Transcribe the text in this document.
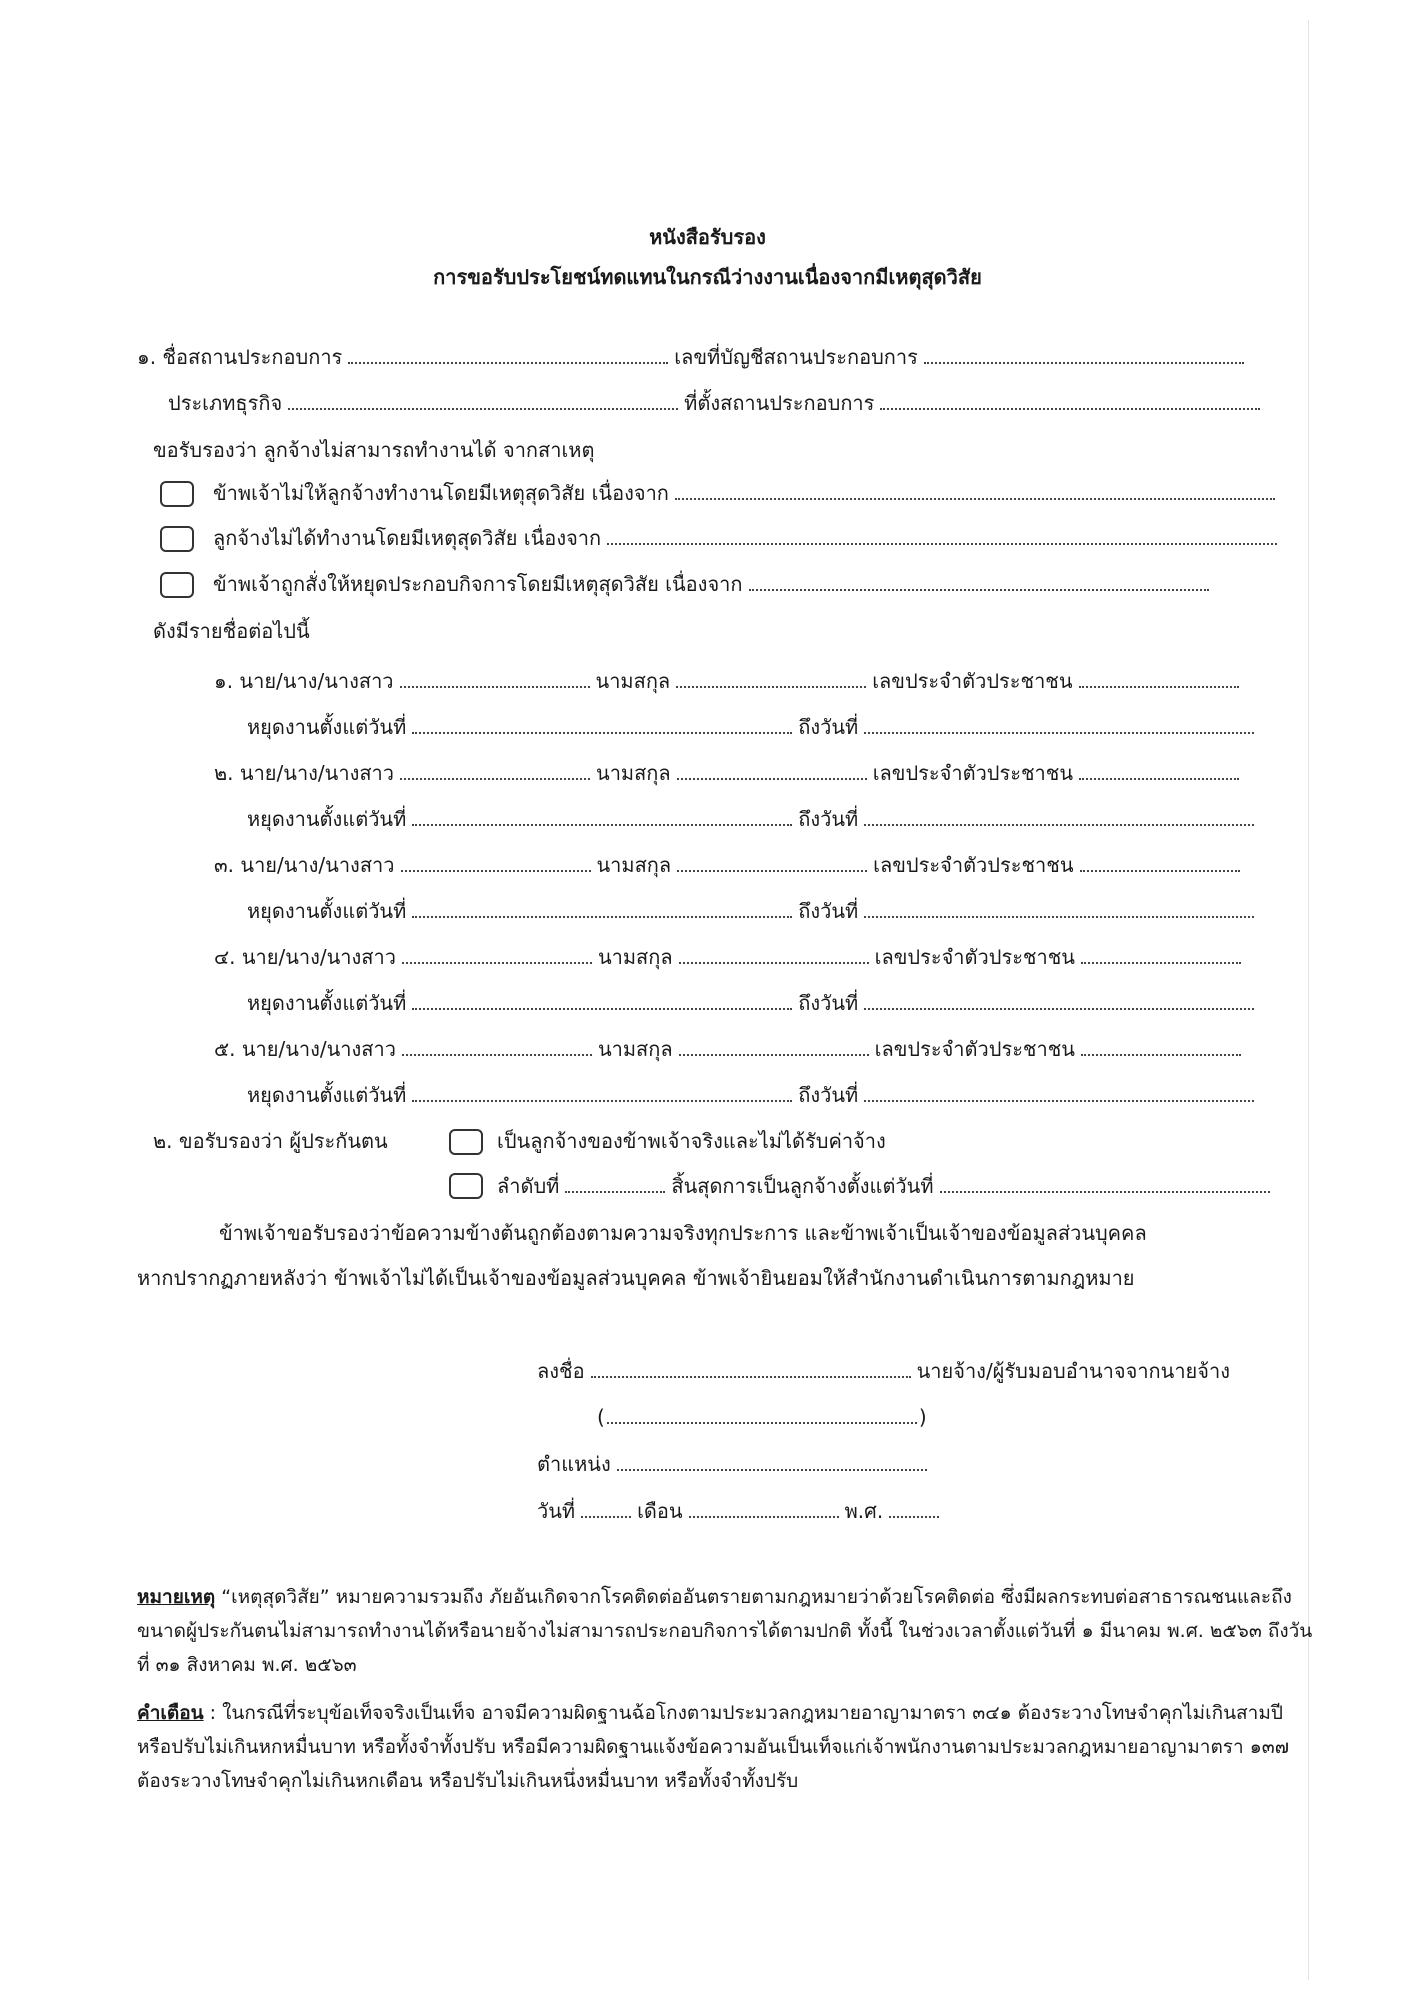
หนังสือรับรอง
การขอรับประโยชน์ทดแทนในกรณีว่างงานเนื่องจากมีเหตุสุดวิสัย
๑. ชื่อสถานประกอบการ	เลขที่บัญชีสถานประกอบการ
ประเภทธุรกิจ	ที่ตั้งสถานประกอบการ
ขอรับรองว่า ลูกจ้างไม่สามารถทำงานได้ จากสาเหตุ
ข้าพเจ้าไม่ให้ลูกจ้างทำงานโดยมีเหตุสุดวิสัย เนื่องจาก
ลูกจ้างไม่ได้ทำงานโดยมีเหตุสุดวิสัย เนื่องจาก
ข้าพเจ้าถูกสั่งให้หยุดประกอบกิจการโดยมีเหตุสุดวิสัย เนื่องจาก
ดังมีรายชื่อต่อไปนี้
๑. นาย/นาง/นางสาว	นามสกุล	เลขประจำตัวประชาชน
หยุดงานตั้งแต่วันที่	ถึงวันที่
๒. นาย/นาง/นางสาว	นามสกุล	เลขประจำตัวประชาชน
หยุดงานตั้งแต่วันที่	ถึงวันที่
๓. นาย/นาง/นางสาว	นามสกุล	เลขประจำตัวประชาชน
หยุดงานตั้งแต่วันที่	ถึงวันที่
๔. นาย/นาง/นางสาว	นามสกุล	เลขประจำตัวประชาชน
หยุดงานตั้งแต่วันที่	ถึงวันที่
๕. นาย/นาง/นางสาว	นามสกุล	เลขประจำตัวประชาชน
หยุดงานตั้งแต่วันที่	ถึงวันที่
๒. ขอรับรองว่า ผู้ประกันตน	เป็นลูกจ้างของข้าพเจ้าจริงและไม่ได้รับค่าจ้าง
ลำดับที่	สิ้นสุดการเป็นลูกจ้างตั้งแต่วันที่
ข้าพเจ้าขอรับรองว่าข้อความข้างต้นถูกต้องตามความจริงทุกประการ และข้าพเจ้าเป็นเจ้าของข้อมูลส่วนบุคคล
หากปรากฏภายหลังว่า ข้าพเจ้าไม่ได้เป็นเจ้าของข้อมูลส่วนบุคคล ข้าพเจ้ายินยอมให้สำนักงานดำเนินการตามกฎหมาย
ลงชื่อ	นายจ้าง/ผู้รับมอบอำนาจจากนายจ้าง
(	)
ตำแหน่ง
วันที่	เดือน	พ.ศ.
หมายเหตุ “เหตุสุดวิสัย” หมายความรวมถึง ภัยอันเกิดจากโรคติดต่ออันตรายตามกฎหมายว่าด้วยโรคติดต่อ ซึ่งมีผลกระทบต่อสาธารณชนและถึงขนาดผู้ประกันตนไม่สามารถทำงานได้หรือนายจ้างไม่สามารถประกอบกิจการได้ตามปกติ ทั้งนี้ ในช่วงเวลาตั้งแต่วันที่ ๑ มีนาคม พ.ศ. ๒๕๖๓ ถึงวันที่ ๓๑ สิงหาคม พ.ศ. ๒๕๖๓
คำเตือน : ในกรณีที่ระบุข้อเท็จจริงเป็นเท็จ อาจมีความผิดฐานฉ้อโกงตามประมวลกฎหมายอาญามาตรา ๓๔๑ ต้องระวางโทษจำคุกไม่เกินสามปี หรือปรับไม่เกินหกหมื่นบาท หรือทั้งจำทั้งปรับ หรือมีความผิดฐานแจ้งข้อความอันเป็นเท็จแก่เจ้าพนักงานตามประมวลกฎหมายอาญามาตรา ๑๓๗ ต้องระวางโทษจำคุกไม่เกินหกเดือน หรือปรับไม่เกินหนึ่งหมื่นบาท หรือทั้งจำทั้งปรับ
